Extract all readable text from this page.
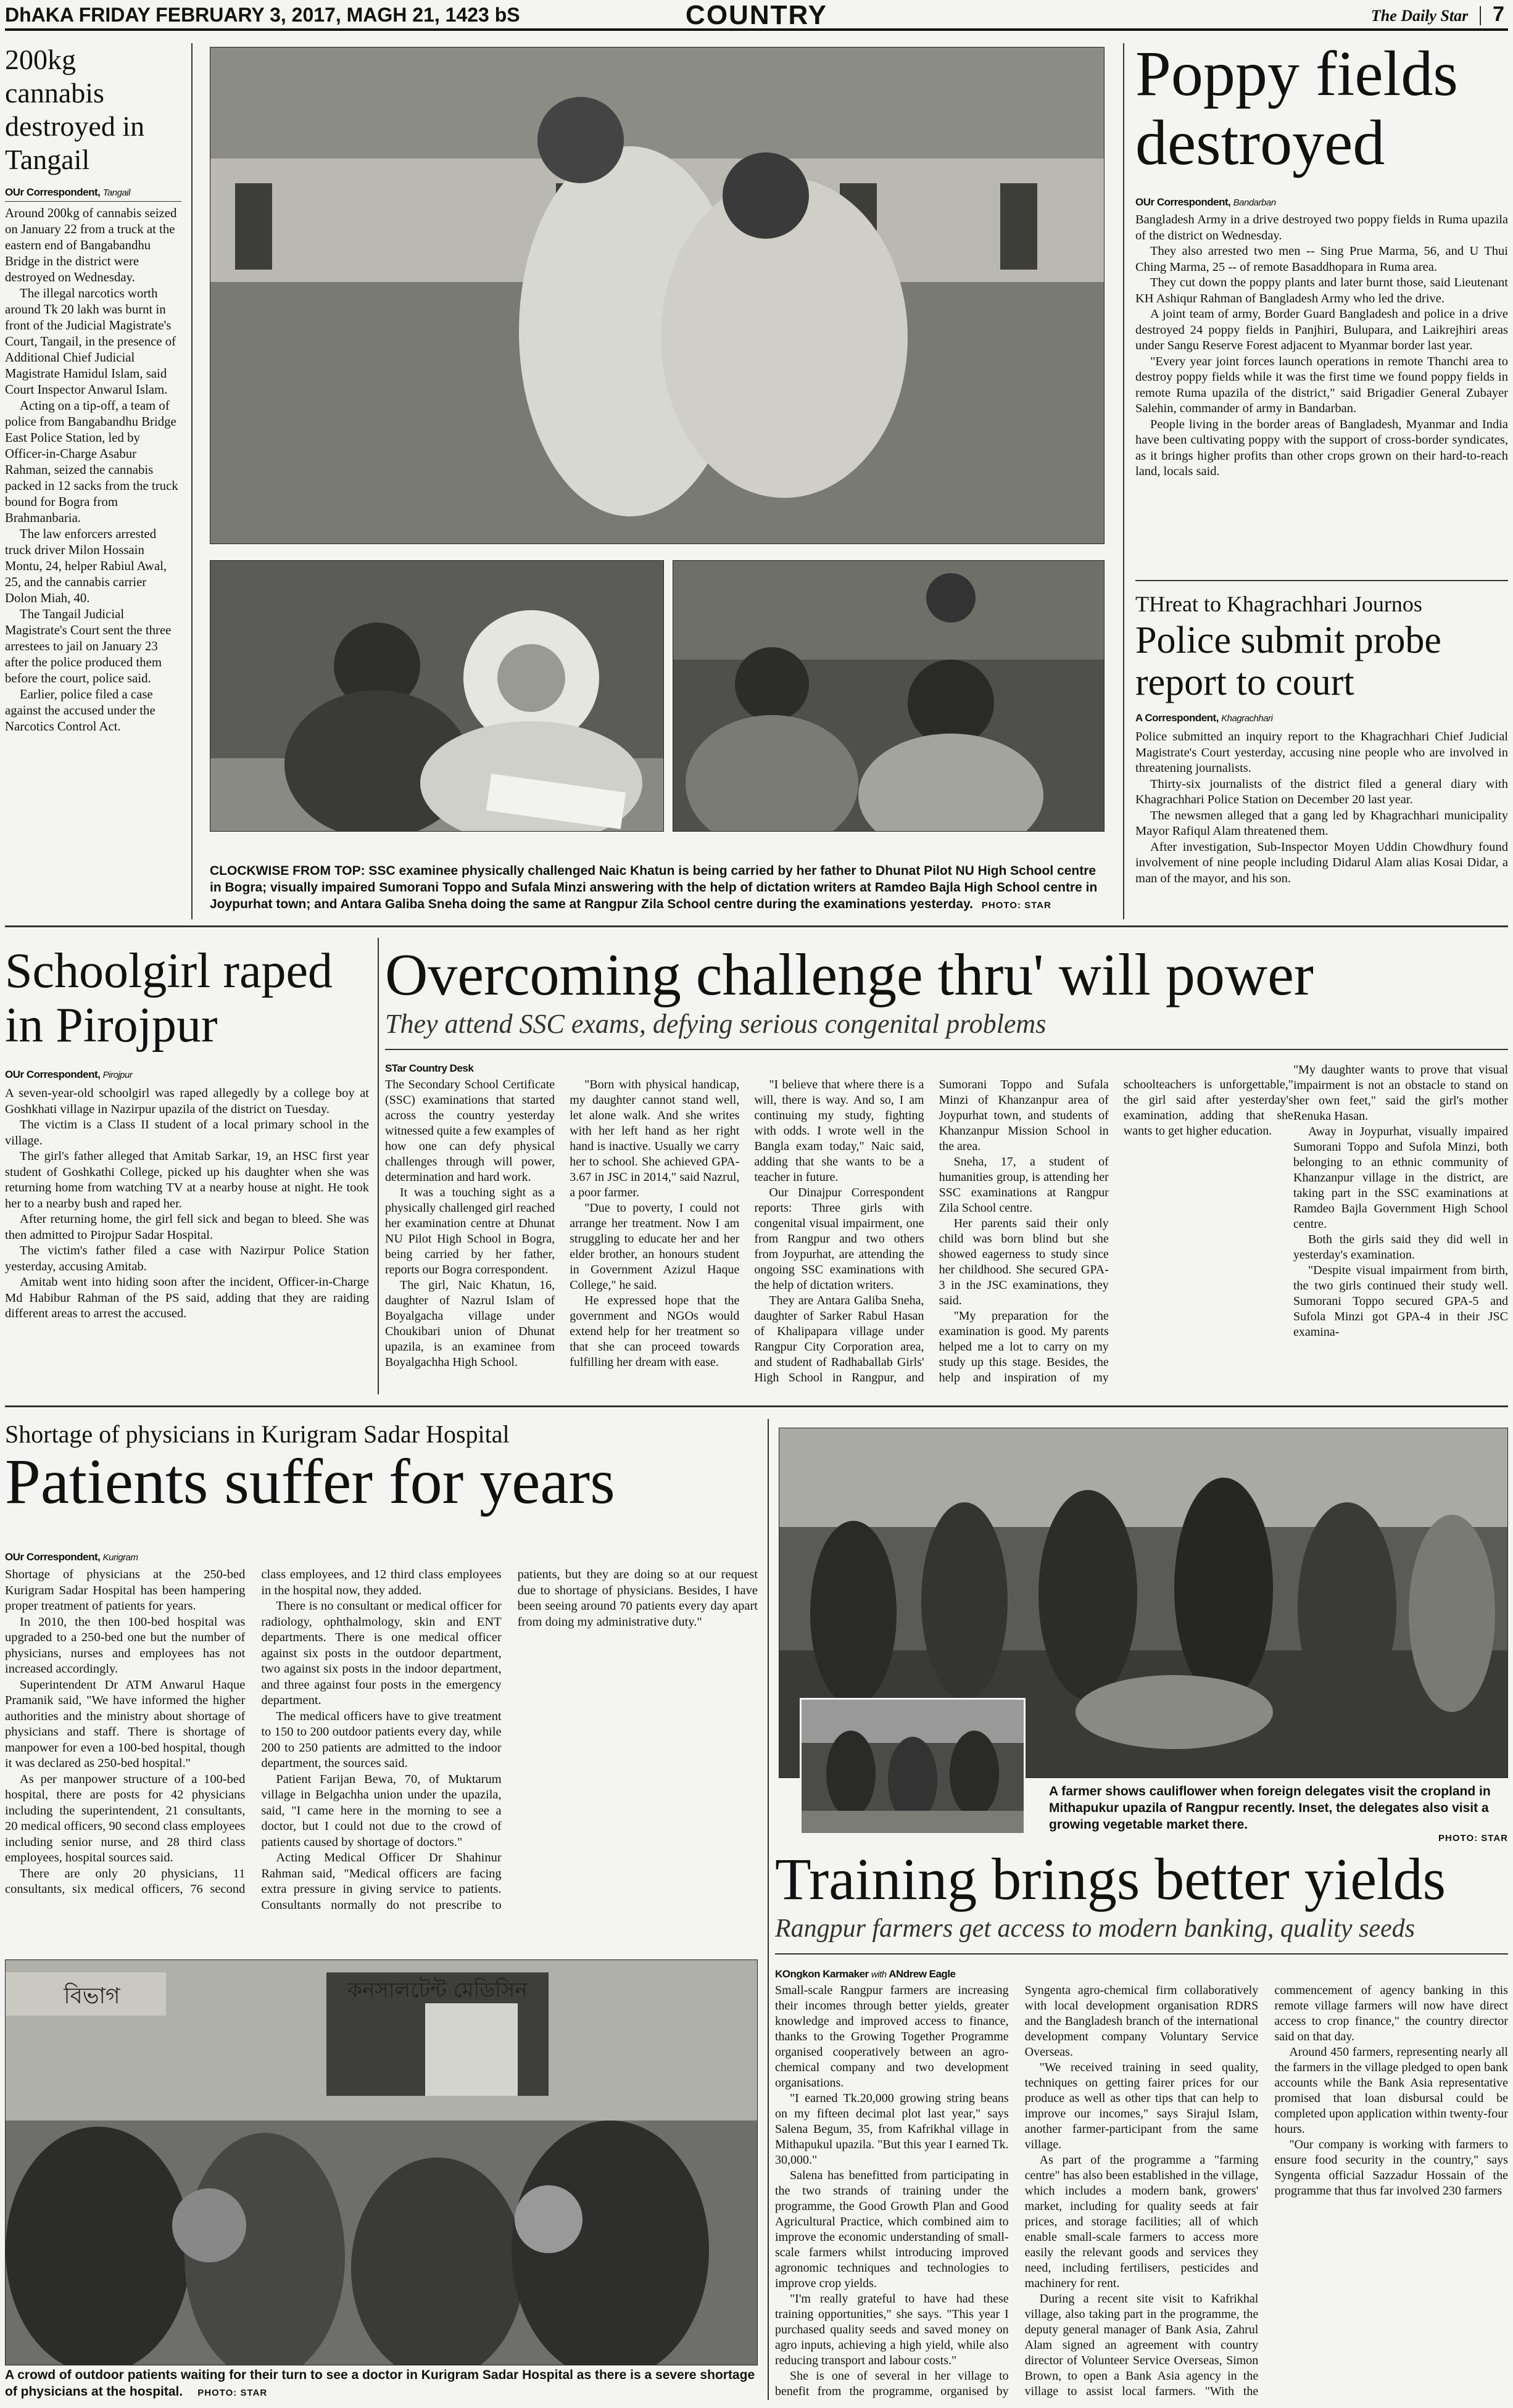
DhAKA FRIDAY FEBRUARY 3, 2017, MAGH 21, 1423 bS	COUNTRY	The Daily Star | 7
200kg cannabis destroyed in Tangail
OUr Correspondent, Tangail

Around 200kg of cannabis seized on January 22 from a truck at the eastern end of Bangabandhu Bridge in the district were destroyed on Wednesday.

The illegal narcotics worth around Tk 20 lakh was burnt in front of the Judicial Magistrate's Court, Tangail, in the presence of Additional Chief Judicial Magistrate Hamidul Islam, said Court Inspector Anwarul Islam.

Acting on a tip-off, a team of police from Bangabandhu Bridge East Police Station, led by Officer-in-Charge Asabur Rahman, seized the cannabis packed in 12 sacks from the truck bound for Bogra from Brahmanbaria.

The law enforcers arrested truck driver Milon Hossain Montu, 24, helper Rabiul Awal, 25, and the cannabis carrier Dolon Miah, 40.

The Tangail Judicial Magistrate's Court sent the three arrestees to jail on January 23 after the police produced them before the court, police said.

Earlier, police filed a case against the accused under the Narcotics Control Act.

CLOCKWISE FROM TOP: SSC examinee physically challenged Naic Khatun is being carried by her father to Dhunat Pilot NU High School centre in Bogra; visually impaired Sumorani Toppo and Sufala Minzi answering with the help of dictation writers at Ramdeo Bajla High School centre in Joypurhat town; and Antara Galiba Sneha doing the same at Rangpur Zila School centre during the examinations yesterday. PHOTO: STAR
Poppy fields destroyed
OUr Correspondent, Bandarban

Bangladesh Army in a drive destroyed two poppy fields in Ruma upazila of the district on Wednesday.

They also arrested two men -- Sing Prue Marma, 56, and U Thui Ching Marma, 25 -- of remote Basaddhopara in Ruma area.

They cut down the poppy plants and later burnt those, said Lieutenant KH Ashiqur Rahman of Bangladesh Army who led the drive.

A joint team of army, Border Guard Bangladesh and police in a drive destroyed 24 poppy fields in Panjhiri, Bulupara, and Laikrejhiri areas under Sangu Reserve Forest adjacent to Myanmar border last year.

"Every year joint forces launch operations in remote Thanchi area to destroy poppy fields while it was the first time we found poppy fields in remote Ruma upazila of the district," said Brigadier General Zubayer Salehin, commander of army in Bandarban.

People living in the border areas of Bangladesh, Myanmar and India have been cultivating poppy with the support of cross-border syndicates, as it brings higher profits than other crops grown on their hard-to-reach land, locals said.

THreat to Khagrachhari Journos
Police submit probe report to court
A Correspondent, Khagrachhari

Police submitted an inquiry report to the Khagrachhari Chief Judicial Magistrate's Court yesterday, accusing nine people who are involved in threatening journalists.

Thirty-six journalists of the district filed a general diary with Khagrachhari Police Station on December 20 last year.

The newsmen alleged that a gang led by Khagrachhari municipality Mayor Rafiqul Alam threatened them.

After investigation, Sub-Inspector Moyen Uddin Chowdhury found involvement of nine people including Didarul Alam alias Kosai Didar, a man of the mayor, and his son.

Schoolgirl raped in Pirojpur
OUr Correspondent, Pirojpur

A seven-year-old schoolgirl was raped allegedly by a college boy at Goshkhati village in Nazirpur upazila of the district on Tuesday.

The victim is a Class II student of a local primary school in the village.

The girl's father alleged that Amitab Sarkar, 19, an HSC first year student of Goshkathi College, picked up his daughter when she was returning home from watching TV at a nearby house at night. He took her to a nearby bush and raped her.

After returning home, the girl fell sick and began to bleed. She was then admitted to Pirojpur Sadar Hospital.

The victim's father filed a case with Nazirpur Police Station yesterday, accusing Amitab.

Amitab went into hiding soon after the incident, Officer-in-Charge Md Habibur Rahman of the PS said, adding that they are raiding different areas to arrest the accused.

Overcoming challenge thru' will power
They attend SSC exams, defying serious congenital problems
STar Country Desk

The Secondary School Certificate (SSC) examinations that started across the country yesterday witnessed quite a few examples of how one can defy physical challenges through will power, determination and hard work.

It was a touching sight as a physically challenged girl reached her examination centre at Dhunat NU Pilot High School in Bogra, being carried by her father, reports our Bogra correspondent.

The girl, Naic Khatun, 16, daughter of Nazrul Islam of Boyalgacha village under Choukibari union of Dhunat upazila, is an examinee from Boyalgachha High School.

"Born with physical handicap, my daughter cannot stand well, let alone walk. And she writes with her left hand as her right hand is inactive. Usually we carry her to school. She achieved GPA-3.67 in JSC in 2014," said Nazrul, a poor farmer.

"Due to poverty, I could not arrange her treatment. Now I am struggling to educate her and her elder brother, an honours student in Government Azizul Haque College," he said.

He expressed hope that the government and NGOs would extend help for her treatment so that she can proceed towards fulfilling her dream with ease.

"I believe that where there is a will, there is way. And so, I am continuing my study, fighting with odds. I wrote well in the Bangla exam today," Naic said, adding that she wants to be a teacher in future.

Our Dinajpur Correspondent reports: Three girls with congenital visual impairment, one from Rangpur and two others from Joypurhat, are attending the ongoing SSC examinations with the help of dictation writers.

They are Antara Galiba Sneha, daughter of Sarker Rabul Hasan of Khalipapara village under Rangpur City Corporation area, and student of Radhaballab Girls' High School in Rangpur, and Sumorani Toppo and Sufala Minzi of Khanzanpur area of Joypurhat town, and students of Khanzanpur Mission School in the area.

Sneha, 17, a student of humanities group, is attending her SSC examinations at Rangpur Zila School centre.

Her parents said their only child was born blind but she showed eagerness to study since her childhood. She secured GPA-3 in the JSC examinations, they said.

"My preparation for the examination is good. My parents helped me a lot to carry on my study up this stage. Besides, the help and inspiration of my schoolteachers is unforgettable," the girl said after yesterday's examination, adding that she wants to get higher education.

"My daughter wants to prove that visual impairment is not an obstacle to stand on her own feet," said the girl's mother Renuka Hasan.

Away in Joypurhat, visually impaired Sumorani Toppo and Sufola Minzi, both belonging to an ethnic community of Khanzanpur village in the district, are taking part in the SSC examinations at Ramdeo Bajla Government High School centre.

Both the girls said they did well in yesterday's examination.

"Despite visual impairment from birth, the two girls continued their study well. Sumorani Toppo secured GPA-5 and Sufola Minzi got GPA-4 in their JSC examina-

Shortage of physicians in Kurigram Sadar Hospital
Patients suffer for years
OUr Correspondent, Kurigram

Shortage of physicians at the 250-bed Kurigram Sadar Hospital has been hampering proper treatment of patients for years.

In 2010, the then 100-bed hospital was upgraded to a 250-bed one but the number of physicians, nurses and employees has not increased accordingly.

Superintendent Dr ATM Anwarul Haque Pramanik said, "We have informed the higher authorities and the ministry about shortage of physicians and staff. There is shortage of manpower for even a 100-bed hospital, though it was declared as 250-bed hospital."

As per manpower structure of a 100-bed hospital, there are posts for 42 physicians including the superintendent, 21 consultants, 20 medical officers, 90 second class employees including senior nurse, and 28 third class employees, hospital sources said.

There are only 20 physicians, 11 consultants, six medical officers, 76 second class employees, and 12 third class employees in the hospital now, they added.

There is no consultant or medical officer for radiology, ophthalmology, skin and ENT departments. There is one medical officer against six posts in the outdoor department, two against six posts in the indoor department, and three against four posts in the emergency department.

The medical officers have to give treatment to 150 to 200 outdoor patients every day, while 200 to 250 patients are admitted to the indoor department, the sources said.

Patient Farijan Bewa, 70, of Muktarum village in Belgachha union under the upazila, said, "I came here in the morning to see a doctor, but I could not due to the crowd of patients caused by shortage of doctors."

Acting Medical Officer Dr Shahinur Rahman said, "Medical officers are facing extra pressure in giving service to patients. Consultants normally do not prescribe to patients, but they are doing so at our request due to shortage of physicians. Besides, I have been seeing around 70 patients every day apart from doing my administrative duty."

বিভাগ	কনসালটেন্ট মেডিসিন
A crowd of outdoor patients waiting for their turn to see a doctor in Kurigram Sadar Hospital as there is a severe shortage of physicians at the hospital. PHOTO: STAR
A farmer shows cauliflower when foreign delegates visit the cropland in Mithapukur upazila of Rangpur recently. Inset, the delegates also visit a growing vegetable market there.
PHOTO: STAR
Training brings better yields
Rangpur farmers get access to modern banking, quality seeds
KOngkon Karmaker with ANdrew Eagle

Small-scale Rangpur farmers are increasing their incomes through better yields, greater knowledge and improved access to finance, thanks to the Growing Together Programme organised cooperatively between an agro-chemical company and two development organisations.

"I earned Tk.20,000 growing string beans on my fifteen decimal plot last year," says Salena Begum, 35, from Kafrikhal village in Mithapukul upazila. "But this year I earned Tk. 30,000."

Salena has benefitted from participating in the two strands of training under the programme, the Good Growth Plan and Good Agricultural Practice, which combined aim to improve the economic understanding of small-scale farmers whilst introducing improved agronomic techniques and technologies to improve crop yields.

"I'm really grateful to have had these training opportunities," she says. "This year I purchased quality seeds and saved money on agro inputs, achieving a high yield, while also reducing transport and labour costs."

She is one of several in her village to benefit from the programme, organised by Syngenta agro-chemical firm collaboratively with local development organisation RDRS and the Bangladesh branch of the international development company Voluntary Service Overseas.

"We received training in seed quality, techniques on getting fairer prices for our produce as well as other tips that can help to improve our incomes," says Sirajul Islam, another farmer-participant from the same village.

As part of the programme a "farming centre" has also been established in the village, which includes a modern bank, growers' market, including for quality seeds at fair prices, and storage facilities; all of which enable small-scale farmers to access more easily the relevant goods and services they need, including fertilisers, pesticides and machinery for rent.

During a recent site visit to Kafrikhal village, also taking part in the programme, the deputy general manager of Bank Asia, Zahrul Alam signed an agreement with country director of Volunteer Service Overseas, Simon Brown, to open a Bank Asia agency in the village to assist local farmers. "With the commencement of agency banking in this remote village farmers will now have direct access to crop finance," the country director said on that day.

Around 450 farmers, representing nearly all the farmers in the village pledged to open bank accounts while the Bank Asia representative promised that loan disbursal could be completed upon application within twenty-four hours.

"Our company is working with farmers to ensure food security in the country," says Syngenta official Sazzadur Hossain of the programme that thus far involved 230 farmers
